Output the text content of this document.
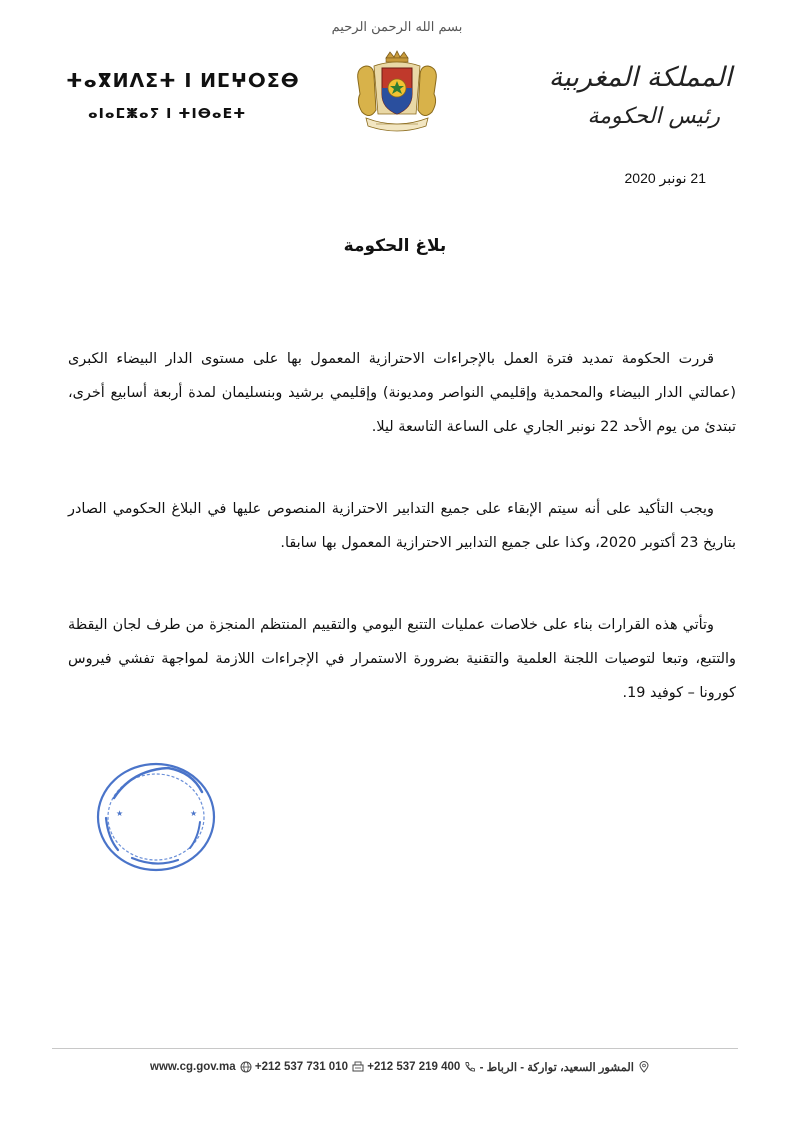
بسم الله الرحمن الرحيم
ⵜⴰⴳⵍⴷⵉⵜ ⵏ ⵍⵎⵖⵔⵉⴱ
ⴰⵏⴰⵎⵥⴰⵢ ⵏ ⵜⵏⴱⴰⴹⵜ
المملكة المغربية
رئيس الحكومة
21 نونبر 2020
بلاغ الحكومة

قررت الحكومة تمديد فترة العمل بالإجراءات الاحترازية المعمول بها على مستوى الدار البيضاء الكبرى (عمالتي الدار البيضاء والمحمدية وإقليمي النواصر ومديونة) وإقليمي برشيد وبنسليمان لمدة أربعة أسابيع أخرى، تبتدئ من يوم الأحد 22 نونبر الجاري على الساعة التاسعة ليلا.

ويجب التأكيد على أنه سيتم الإبقاء على جميع التدابير الاحترازية المنصوص عليها في البلاغ الحكومي الصادر بتاريخ 23 أكتوبر 2020، وكذا على جميع التدابير الاحترازية المعمول بها سابقا.

وتأتي هذه القرارات بناء على خلاصات عمليات التتبع اليومي والتقييم المنتظم المنجزة من طرف لجان اليقظة والتتبع، وتبعا لتوصيات اللجنة العلمية والتقنية بضرورة الاستمرار في الإجراءات اللازمة لمواجهة تفشي فيروس كورونا – كوفيد 19.

★	★
www.cg.gov.ma +212 537 731 010 +212 537 219 400 المشور السعيد، تواركة - الرباط -
